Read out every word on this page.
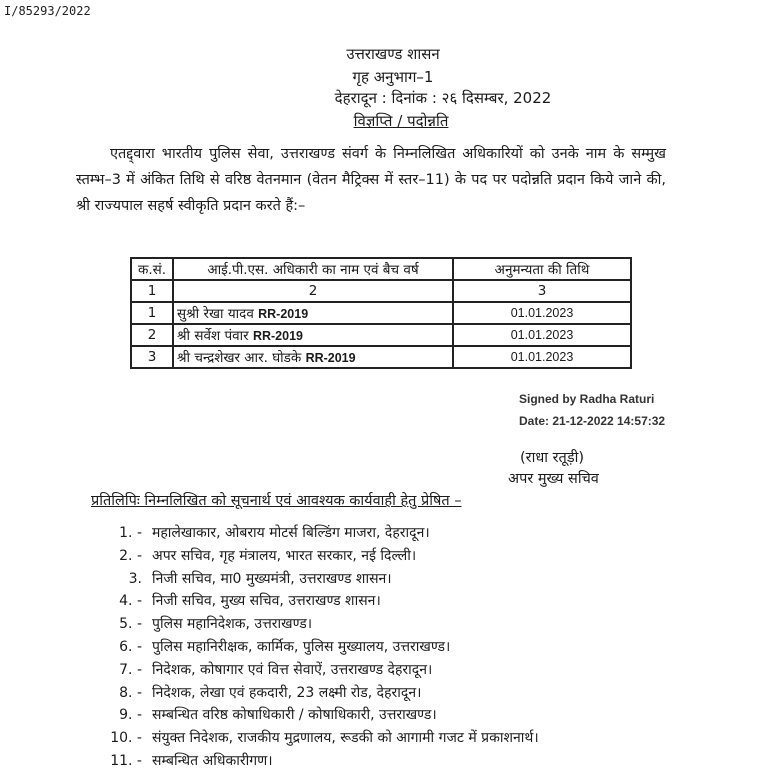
I/85293/2022
उत्तराखण्ड शासन
गृह अनुभाग–1
देहरादून : दिनांक : २६ दिसम्बर, 2022
विज्ञप्ति / पदोन्नति
एतद्द्वारा भारतीय पुलिस सेवा, उत्तराखण्ड संवर्ग के निम्नलिखित अधिकारियों को उनके नाम के सम्मुख स्तम्भ–3 में अंकित तिथि से वरिष्ठ वेतनमान (वेतन मैट्रिक्स में स्तर–11) के पद पर पदोन्नति प्रदान किये जाने की, श्री राज्यपाल सहर्ष स्वीकृति प्रदान करते हैं:–
क.सं.	आई.पी.एस. अधिकारी का नाम एवं बैच वर्ष	अनुमन्यता की तिथि
1	2	3
1	सुश्री रेखा यादव RR-2019	01.01.2023
2	श्री सर्वेश पंवार RR-2019	01.01.2023
3	श्री चन्द्रशेखर आर. घोडके RR-2019	01.01.2023
Signed by Radha Raturi
Date: 21-12-2022 14:57:32
(राधा रतूड़ी)
अपर मुख्य सचिव
प्रतिलिपिः निम्नलिखित को सूचनार्थ एवं आवश्यक कार्यवाही हेतु प्रेषित –
1. - महालेखाकार, ओबराय मोटर्स बिल्डिंग माजरा, देहरादून।
2. - अपर सचिव, गृह मंत्रालय, भारत सरकार, नई दिल्ली।
3. निजी सचिव, मा0 मुख्यमंत्री, उत्तराखण्ड शासन।
4. - निजी सचिव, मुख्य सचिव, उत्तराखण्ड शासन।
5. - पुलिस महानिदेशक, उत्तराखण्ड।
6. - पुलिस महानिरीक्षक, कार्मिक, पुलिस मुख्यालय, उत्तराखण्ड।
7. - निदेशक, कोषागार एवं वित्त सेवाऐं, उत्तराखण्ड देहरादून।
8. - निदेशक, लेखा एवं हकदारी, 23 लक्ष्मी रोड, देहरादून।
9. - सम्बन्धित वरिष्ठ कोषाधिकारी / कोषाधिकारी, उत्तराखण्ड।
10. - संयुक्त निदेशक, राजकीय मुद्रणालय, रूडकी को आगामी गजट में प्रकाशनार्थ।
11. - सम्बन्धित अधिकारीगण।
